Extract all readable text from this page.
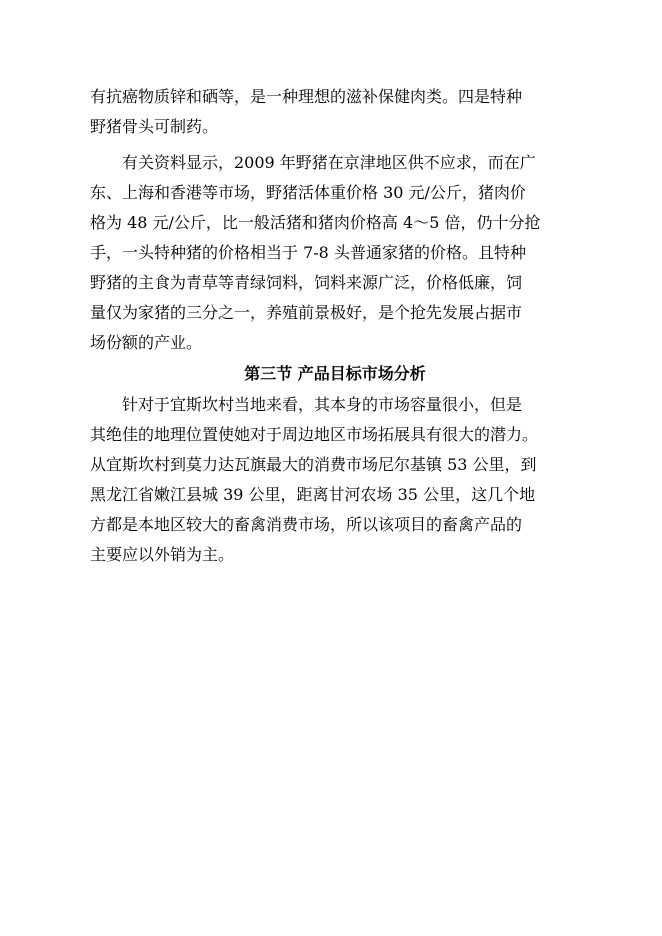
有抗癌物质锌和硒等，是一种理想的滋补保健肉类。四是特种
野猪骨头可制药。
有关资料显示，2009 年野猪在京津地区供不应求，而在广
东、上海和香港等市场，野猪活体重价格 30 元/公斤，猪肉价
格为 48 元/公斤，比一般活猪和猪肉价格高 4～5 倍，仍十分抢
手，一头特种猪的价格相当于 7-8 头普通家猪的价格。且特种
野猪的主食为青草等青绿饲料，饲料来源广泛，价格低廉，饲
量仅为家猪的三分之一，养殖前景极好，是个抢先发展占据市
场份额的产业。
第三节 产品目标市场分析
针对于宜斯坎村当地来看，其本身的市场容量很小，但是
其绝佳的地理位置使她对于周边地区市场拓展具有很大的潜力。
从宜斯坎村到莫力达瓦旗最大的消费市场尼尔基镇 53 公里，到
黑龙江省嫩江县城 39 公里，距离甘河农场 35 公里，这几个地
方都是本地区较大的畜禽消费市场，所以该项目的畜禽产品的
主要应以外销为主。
